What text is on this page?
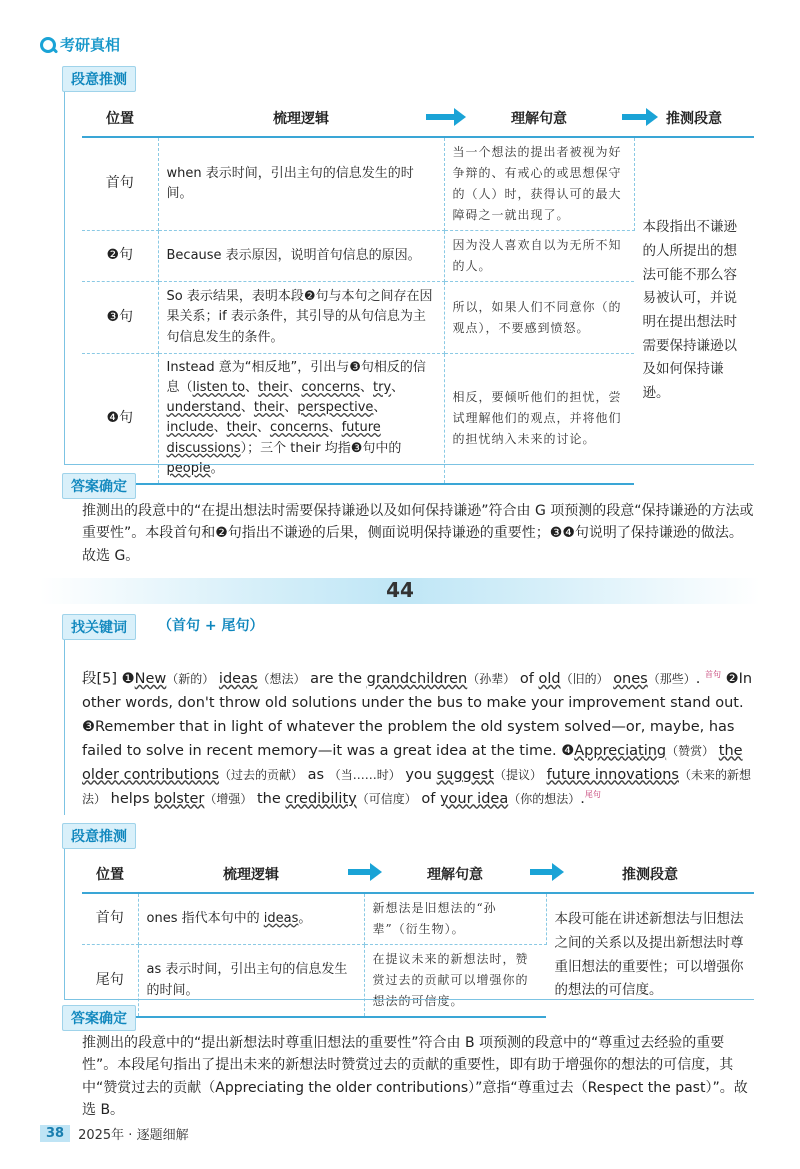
考研真相
段意推测
位置	梳理逻辑	理解句意	推测段意
首句	when 表示时间，引出主句的信息发生的时间。	当一个想法的提出者被视为好争辩的、有戒心的或思想保守的（人）时，获得认可的最大障碍之一就出现了。	本段指出不谦逊的人所提出的想法可能不那么容易被认可，并说明在提出想法时需要保持谦逊以及如何保持谦逊。
❷句	Because 表示原因，说明首句信息的原因。	因为没人喜欢自以为无所不知的人。	
❸句	So 表示结果，表明本段❷句与本句之间存在因果关系；if 表示条件，其引导的从句信息为主句信息发生的条件。	所以，如果人们不同意你（的观点），不要感到愤怒。	
❹句	Instead 意为“相反地”，引出与❸句相反的信息（listen to、their、concerns、try、understand、their、perspective、include、their、concerns、future discussions）；三个 their 均指❸句中的 people。	相反，要倾听他们的担忧，尝试理解他们的观点，并将他们的担忧纳入未来的讨论。	
答案确定
推测出的段意中的“在提出想法时需要保持谦逊以及如何保持谦逊”符合由 G 项预测的段意“保持谦逊的方法或重要性”。本段首句和❷句指出不谦逊的后果，侧面说明保持谦逊的重要性；❸❹句说明了保持谦逊的做法。故选 G。
44
找关键词	（首句 + 尾句）
段[5] ❶New（新的） ideas（想法） are the grandchildren（孙辈） of old（旧的） ones（那些）. $^{首句}$ ❷In other words, don't throw old solutions under the bus to make your improvement stand out. ❸Remember that in light of whatever the problem the old system solved—or, maybe, has failed to solve in recent memory—it was a great idea at the time. ❹Appreciating（赞赏） the older contributions（过去的贡献） as （当……时） you suggest（提议） future innovations（未来的新想法） helps bolster（增强） the credibility（可信度） of your idea（你的想法）.$^{尾句}$
段意推测
位置	梳理逻辑	理解句意	推测段意
首句	ones 指代本句中的 ideas。	新想法是旧想法的“孙辈”（衍生物）。	本段可能在讲述新想法与旧想法之间的关系以及提出新想法时尊重旧想法的重要性；可以增强你的想法的可信度。
尾句	as 表示时间，引出主句的信息发生的时间。	在提议未来的新想法时，赞赏过去的贡献可以增强你的想法的可信度。	
答案确定
推测出的段意中的“提出新想法时尊重旧想法的重要性”符合由 B 项预测的段意中的“尊重过去经验的重要性”。本段尾句指出了提出未来的新想法时赞赏过去的贡献的重要性，即有助于增强你的想法的可信度，其中“赞赏过去的贡献（Appreciating the older contributions）”意指“尊重过去（Respect the past）”。故选 B。
38	2025年 · 逐题细解
